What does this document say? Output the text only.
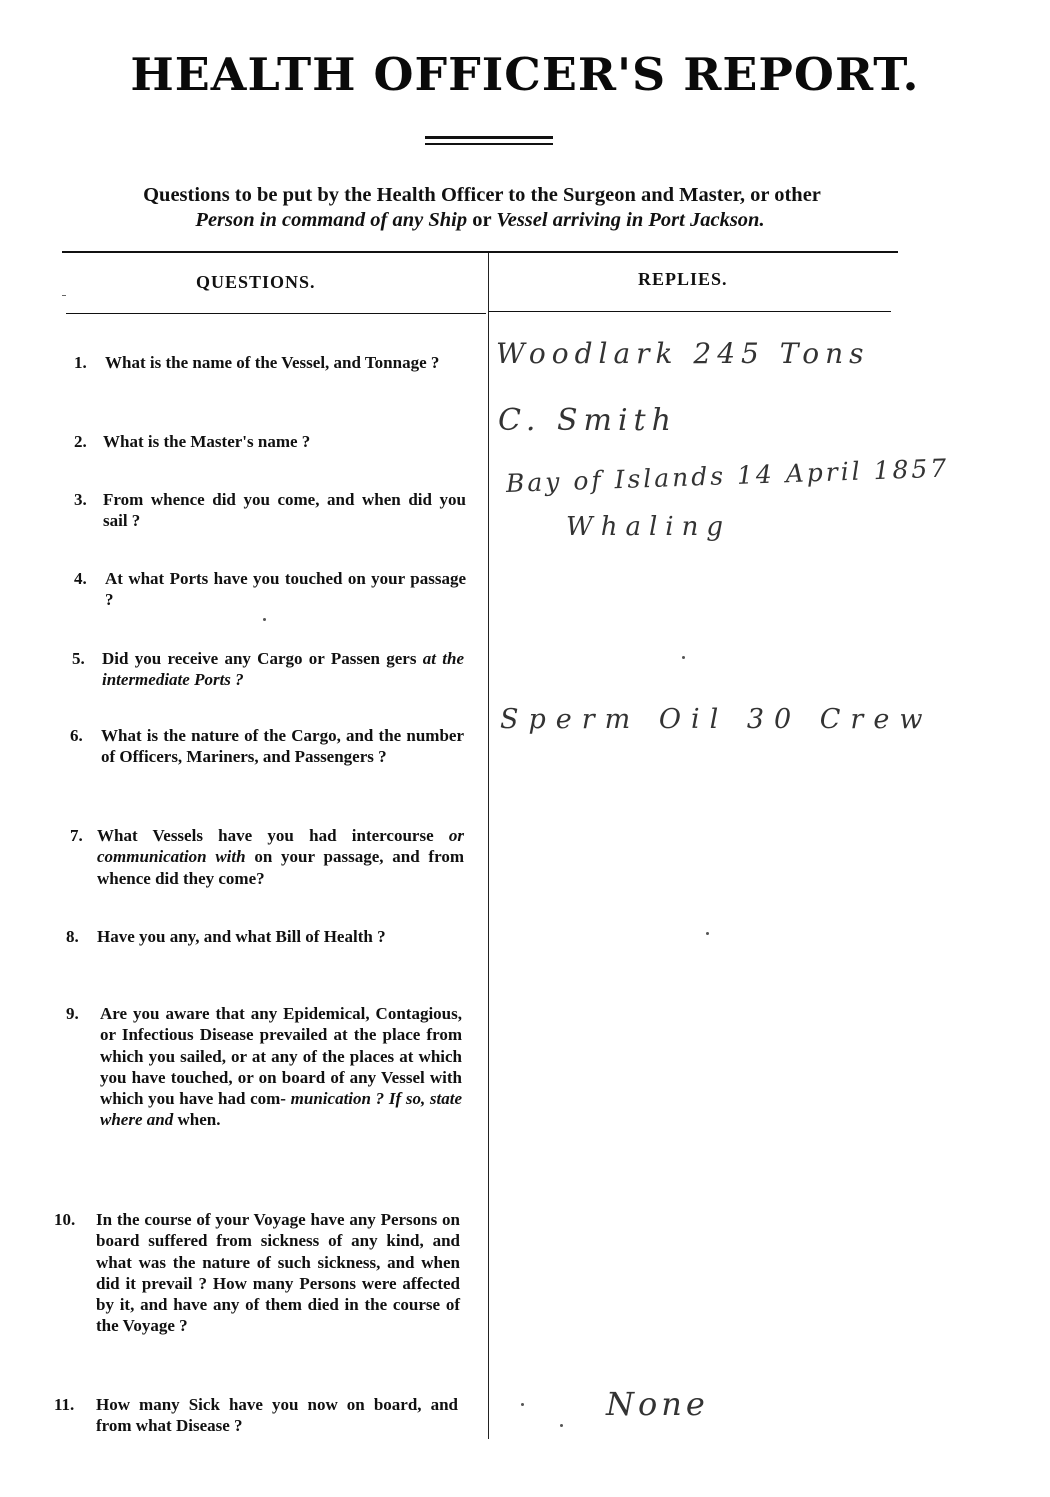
HEALTH OFFICER'S REPORT.
Questions to be put by the Health Officer to the Surgeon and Master, or other
Person in command of any Ship or Vessel arriving in Port Jackson.
QUESTIONS.	REPLIES.
1. What is the name of the Vessel, and Tonnage ?
2. What is the Master's name ?
3. From whence did you come, and when did you sail ?
4. At what Ports have you touched on your passage ?
5. Did you receive any Cargo or Passen gers at the intermediate Ports ?
6. What is the nature of the Cargo, and the number of Officers, Mariners, and Passengers ?
7. What Vessels have you had intercourse or communication with on your passage, and from whence did they come?
8. Have you any, and what Bill of Health ?
9. Are you aware that any Epidemical, Contagious, or Infectious Disease prevailed at the place from which you sailed, or at any of the places at which you have touched, or on board of any Vessel with which you have had com- munication ? If so, state where and when.
10. In the course of your Voyage have any Persons on board suffered from sickness of any kind, and what was the nature of such sickness, and when did it prevail ? How many Persons were affected by it, and have any of them died in the course of the Voyage ?
11. How many Sick have you now on board, and from what Disease ?
Woodlark 245 Tons
C. Smith
Bay of Islands 14 April 1857
Whaling
Sperm Oil 30 Crew
None
